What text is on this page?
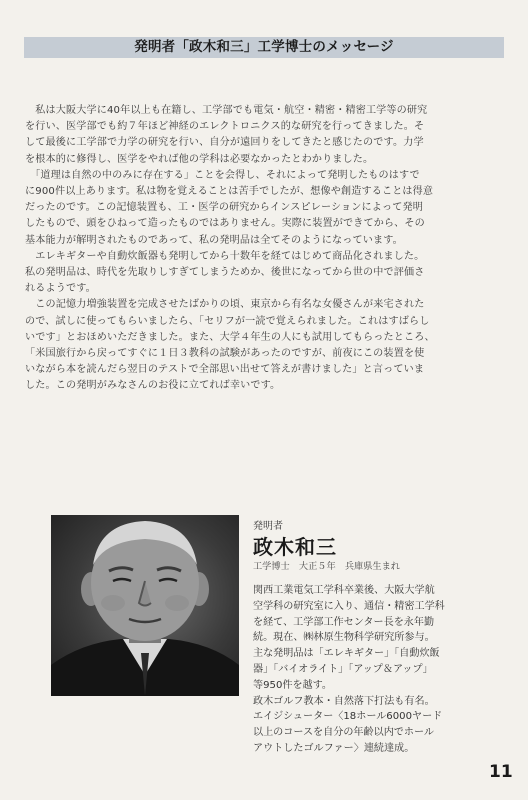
発明者「政木和三」工学博士のメッセージ

　私は大阪大学に40年以上も在籍し、工学部でも電気・航空・精密・精密工学等の研究

を行い、医学部でも約７年ほど神経のエレクトロニクス的な研究を行ってきました。そ

して最後に工学部で力学の研究を行い、自分が遠回りをしてきたと感じたのです。力学

を根本的に修得し、医学をやれば他の学科は必要なかったとわかりました。

　「道理は自然の中のみに存在する」ことを会得し、それによって発明したものはすで

に900件以上あります。私は物を覚えることは苦手でしたが、想像や創造することは得意

だったのです。この記憶装置も、工・医学の研究からインスピレーションによって発明

したもので、頭をひねって造ったものではありません。実際に装置ができてから、その

基本能力が解明されたものであって、私の発明品は全てそのようになっています。

　エレキギターや自動炊飯器も発明してから十数年を経てはじめて商品化されました。

私の発明品は、時代を先取りしすぎてしまうためか、後世になってから世の中で評価さ

れるようです。

　この記憶力増強装置を完成させたばかりの頃、東京から有名な女優さんが来宅された

ので、試しに使ってもらいましたら、「セリフが一読で覚えられました。これはすばらし

いです」とおほめいただきました。また、大学４年生の人にも試用してもらったところ、

「米国旅行から戻ってすぐに１日３教科の試験があったのですが、前夜にこの装置を使

いながら本を読んだら翌日のテストで全部思い出せて答えが書けました」と言っていま

した。この発明がみなさんのお役に立てれば幸いです。

発明者
政木和三
工学博士　大正５年　兵庫県生まれ

関西工業電気工学科卒業後、大阪大学航

空学科の研究室に入り、通信・精密工学科

を経て、工学部工作センター長を永年勤

続。現在、㈱林原生物科学研究所参与。

主な発明品は「エレキギター」「自動炊飯

器」「バイオライト」「アップ＆アップ」

等950件を越す。

政木ゴルフ教本・自然落下打法も有名。

エイジシューター〈18ホール6000ヤード

以上のコースを自分の年齢以内でホール

アウトしたゴルファー〉連続達成。

11
